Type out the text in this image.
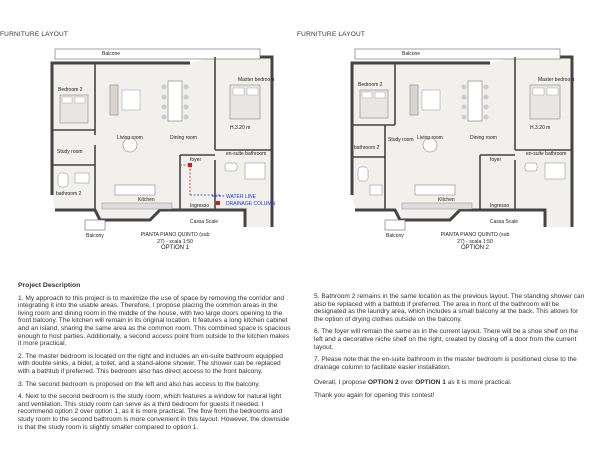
FURNITURE LAYOUT	FURNITURE LAYOUT
Balcone
Bedroom 2
Living room	Dining room
Master bedroom
H.3.20 m
Study room
bathroom 2
foyer
en-suite bathroom
Kitchen
Ingresso
Balcony
Cassa Scale
WATER LINE
DRAINAGE COLUMN
PIANTA PIANO QUINTO (sub 27) - scala 1:50
OPTION 1
Balcone
Bedroom 2
Living room	Dining room
Master bedroom
H.3.20 m
Study room
bathroom 2
foyer
en-suite bathroom
Kitchen
Ingresso
Balcony
Cassa Scale
PIANTA PIANO QUINTO (sub 27) - scala 1:50
OPTION 2

Project Description

1. My approach to this project is to maximize the use of space by removing the corridor and integrating it into the usable areas. Therefore, I propose placing the common areas in the living room and dining room in the middle of the house, with two large doors opening to the front balcony. The kitchen will remain in its original location. It features a long kitchen cabinet and an island, sharing the same area as the common room. This combined space is spacious enough to host parties. Additionally, a second access point from outside to the kitchen makes it more practical.

2. The master bedroom is located on the right and includes an en-suite bathroom equipped with double sinks, a bidet, a toilet, and a stand-alone shower. The shower can be replaced with a bathtub if preferred. This bedroom also has direct access to the front balcony.

3. The second bedroom is proposed on the left and also has access to the balcony.

4. Next to the second bedroom is the study room, which features a window for natural light and ventilation. This study room can serve as a third bedroom for guests if needed. I recommend option 2 over option 1, as it is more practical. The flow from the bedrooms and study room to the second bathroom is more convenient in this layout. However, the downside is that the study room is slightly smaller compared to option 1.

5. Bathroom 2 remains in the same location as the previous layout. The standing shower can also be replaced with a bathtub if preferred. The area in front of the bathroom will be designated as the laundry area, which includes a small balcony at the back. This allows for the option of drying clothes outside on the balcony.

6. The foyer will remain the same as in the current layout. There will be a shoe shelf on the left and a decorative niche shelf on the right, created by closing off a door from the current layout.

7. Please note that the en-suite bathroom in the master bedroom is positioned close to the drainage column to facilitate easier installation.

Overall, I propose OPTION 2 over OPTION 1 as it is more practical.

Thank you again for opening this contest!
